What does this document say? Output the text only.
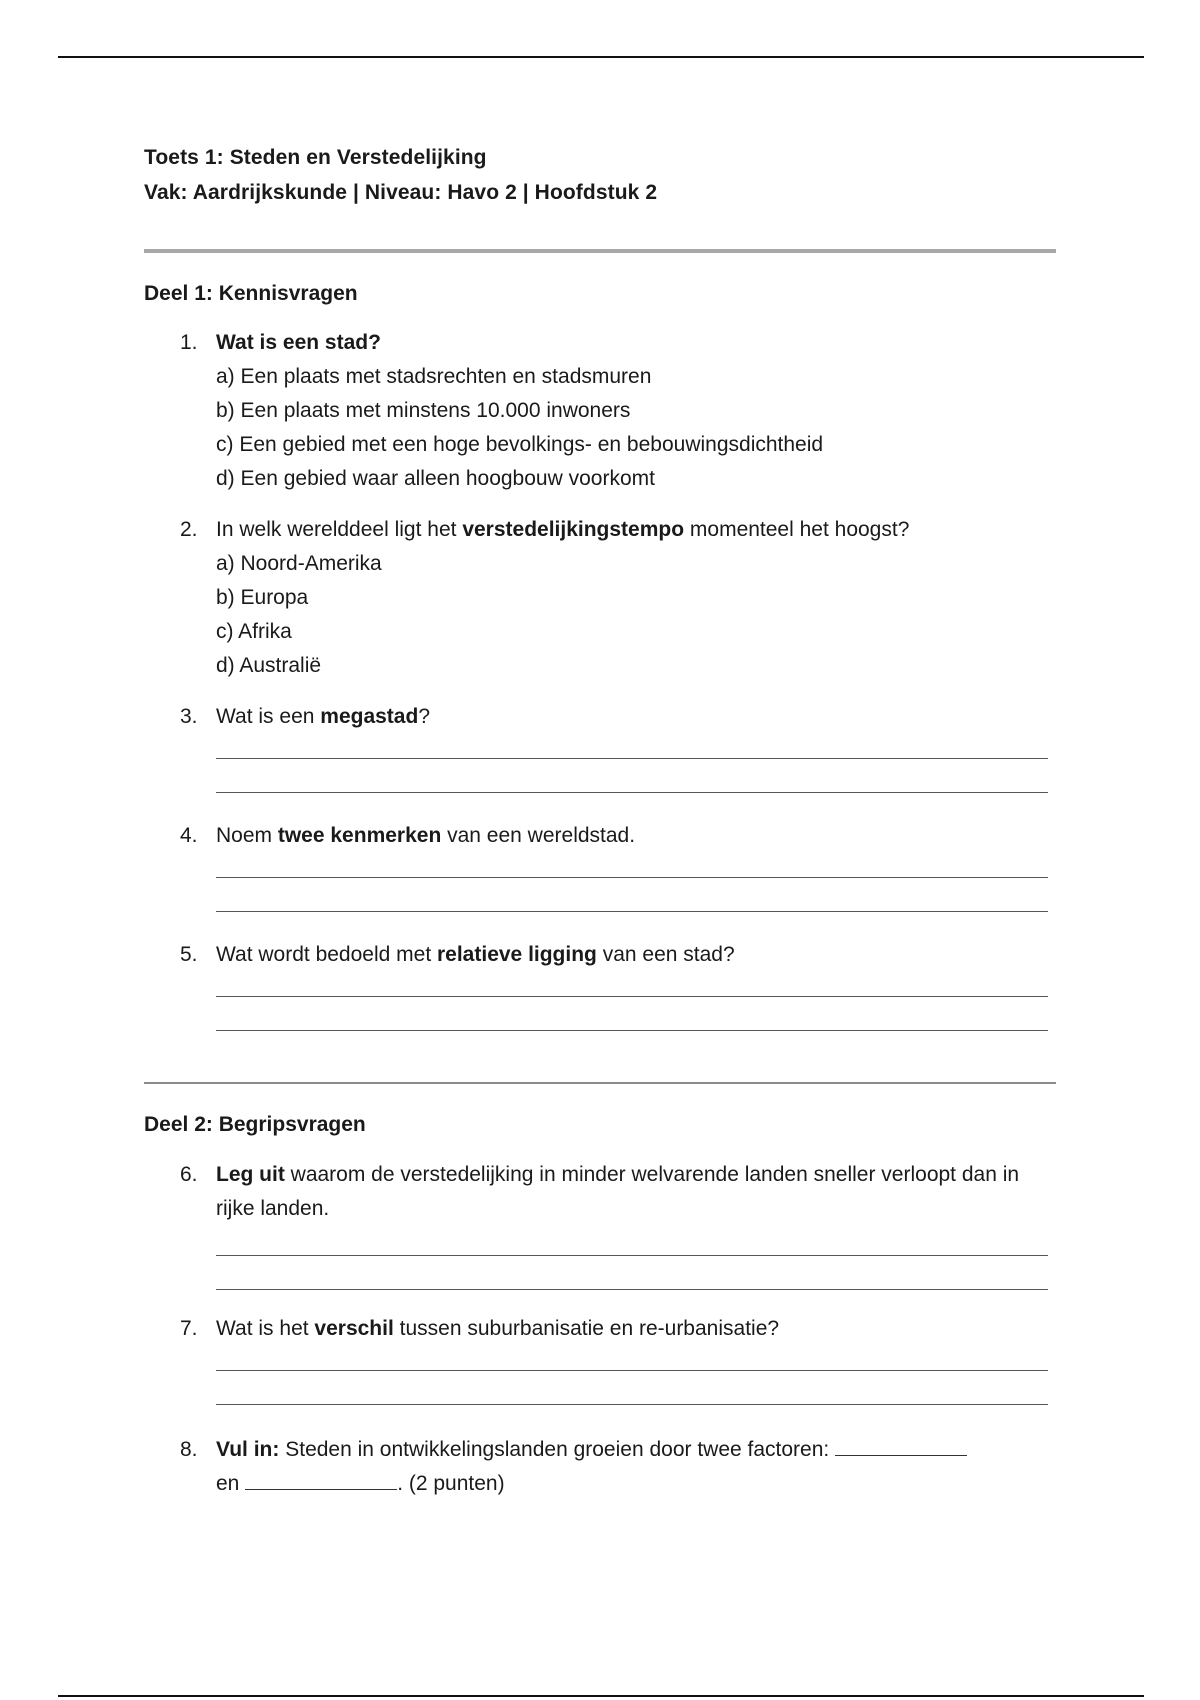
Toets 1: Steden en Verstedelijking
Vak: Aardrijkskunde | Niveau: Havo 2 | Hoofdstuk 2
Deel 1: Kennisvragen
1. Wat is een stad?
a) Een plaats met stadsrechten en stadsmuren
b) Een plaats met minstens 10.000 inwoners
c) Een gebied met een hoge bevolkings- en bebouwingsdichtheid
d) Een gebied waar alleen hoogbouw voorkomt
2. In welk werelddeel ligt het verstedelijkingstempo momenteel het hoogst?
a) Noord-Amerika
b) Europa
c) Afrika
d) Australië
3. Wat is een megastad?
4. Noem twee kenmerken van een wereldstad.
5. Wat wordt bedoeld met relatieve ligging van een stad?
Deel 2: Begripsvragen
6. Leg uit waarom de verstedelijking in minder welvarende landen sneller verloopt dan in rijke landen.
7. Wat is het verschil tussen suburbanisatie en re-urbanisatie?
8. Vul in: Steden in ontwikkelingslanden groeien door twee factoren:
en	. (2 punten)
